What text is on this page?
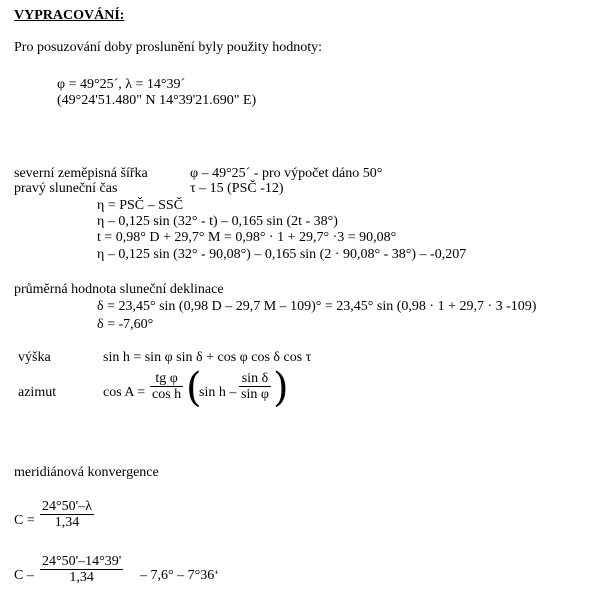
VYPRACOVÁNÍ:
Pro posuzování doby proslunění byly použity hodnoty:
φ = 49°25´, λ = 14°39´
(49°24'51.480" N 14°39'21.690" E)
severní zeměpisná šířka	φ – 49°25´ - pro výpočet dáno 50°
pravý sluneční čas	τ – 15 (PSČ -12)
η = PSČ – SSČ
η – 0,125 sin (32° - t) – 0,165 sin (2t - 38°)
t = 0,98° D + 29,7° M = 0,98° · 1 + 29,7° ·3 = 90,08°
η – 0,125 sin (32° - 90,08°) – 0,165 sin (2 · 90,08° - 38°) – -0,207
průměrná hodnota sluneční deklinace
δ = 23,45° sin (0,98 D – 29,7 M – 109)° = 23,45° sin (0,98 · 1 + 29,7 · 3 -109)
δ = -7,60°
výška	sin h = sin φ sin δ + cos φ cos δ cos τ
azimut	$\cos A = \frac{\text{tg φ}}{\text{cos h}}$ (
sin h – $\frac{\text{sin δ}}{\text{sin φ}}$ )
meridiánová konvergence
$C = \frac{24^\circ 50'-\lambda}{1,34}$
C – $\frac{24^\circ 50'-14^\circ 39'}{1,34} - 7,6^\circ$ – 7°36‘
